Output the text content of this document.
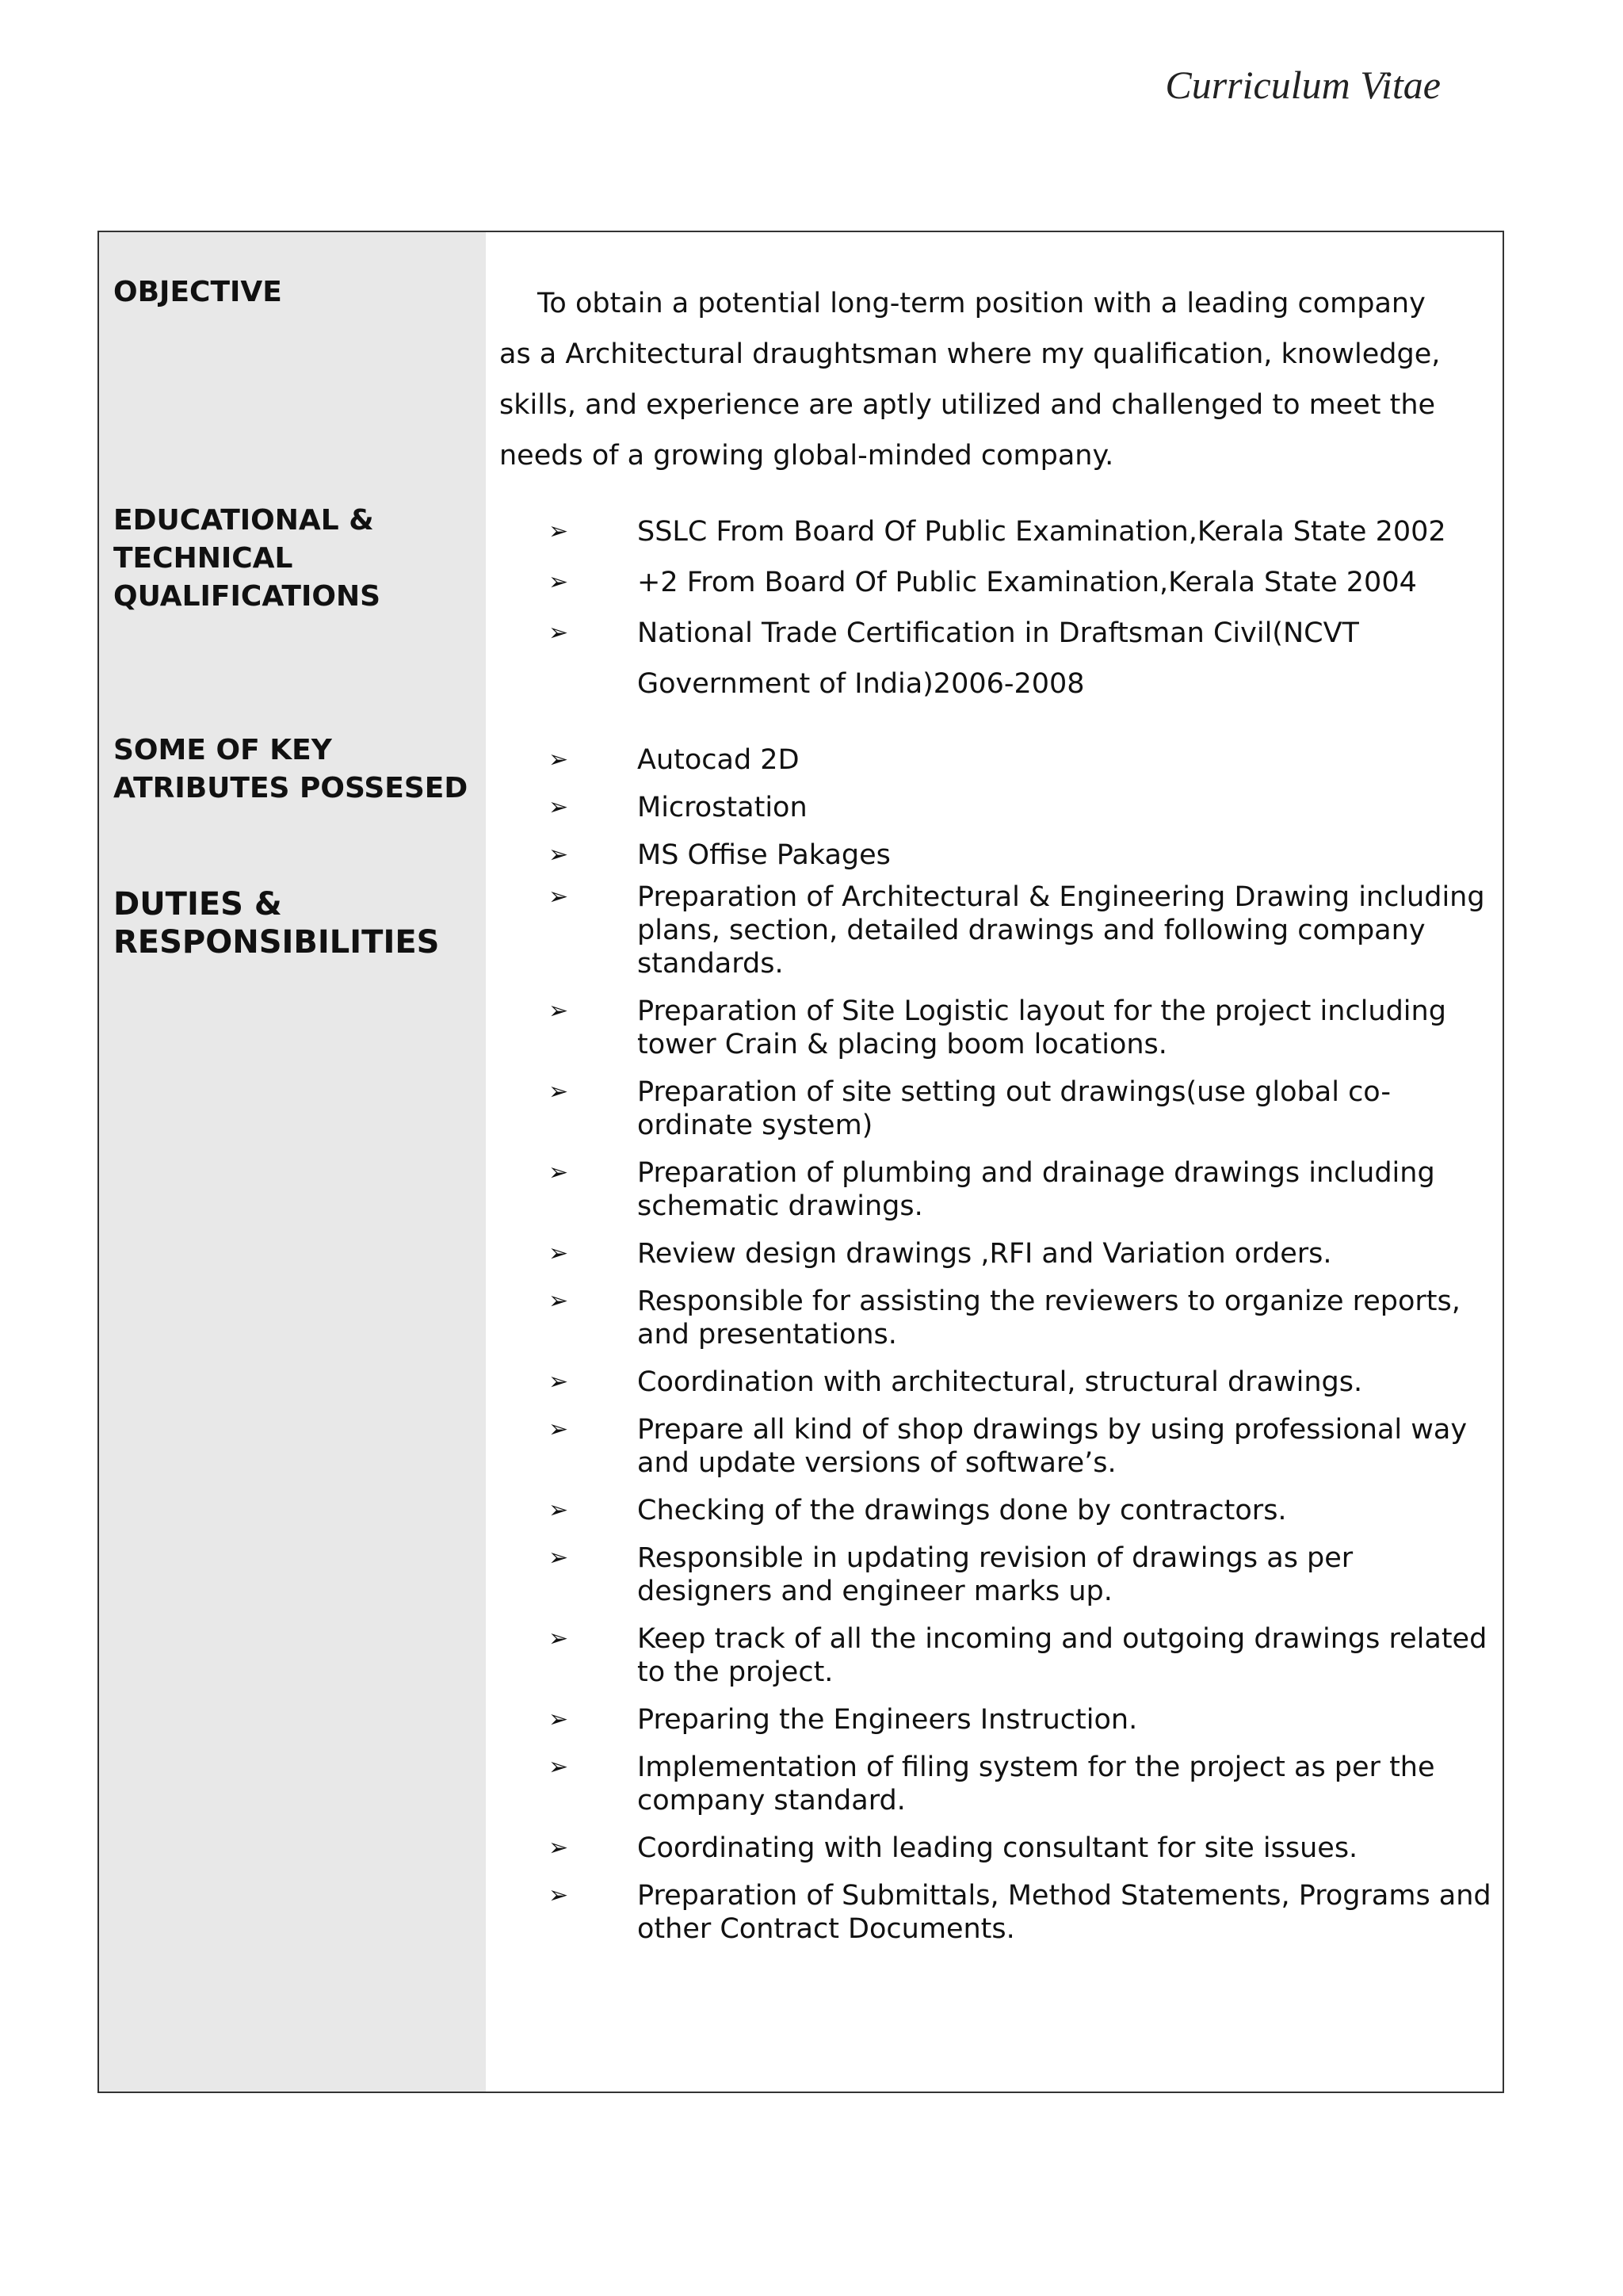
Curriculum Vitae
OBJECTIVE
EDUCATIONAL &
TECHNICAL
QUALIFICATIONS
SOME OF KEY
ATRIBUTES POSSESED
DUTIES &
RESPONSIBILITIES
To obtain a potential long-term position with a leading company as a Architectural draughtsman where my qualification, knowledge, skills, and experience are aptly utilized and challenged to meet the needs of a growing global-minded company.
➢ SSLC From Board Of Public Examination,Kerala State 2002
➢ +2 From Board Of Public Examination,Kerala State 2004
➢ National Trade Certification in Draftsman Civil(NCVT Government of India)2006-2008
➢ Autocad 2D
➢ Microstation
➢ MS Offise Pakages
➢ Preparation of Architectural & Engineering Drawing including plans, section, detailed drawings and following company standards.
➢ Preparation of Site Logistic layout for the project including tower Crain & placing boom locations.
➢ Preparation of site setting out drawings(use global co-ordinate system)
➢ Preparation of plumbing and drainage drawings including schematic drawings.
➢ Review design drawings ,RFI and Variation orders.
➢ Responsible for assisting the reviewers to organize reports, and presentations.
➢ Coordination with architectural, structural drawings.
➢ Prepare all kind of shop drawings by using professional way and update versions of software’s.
➢ Checking of the drawings done by contractors.
➢ Responsible in updating revision of drawings as per designers and engineer marks up.
➢ Keep track of all the incoming and outgoing drawings related to the project.
➢ Preparing the Engineers Instruction.
➢ Implementation of filing system for the project as per the company standard.
➢ Coordinating with leading consultant for site issues.
➢ Preparation of Submittals, Method Statements, Programs and other Contract Documents.
